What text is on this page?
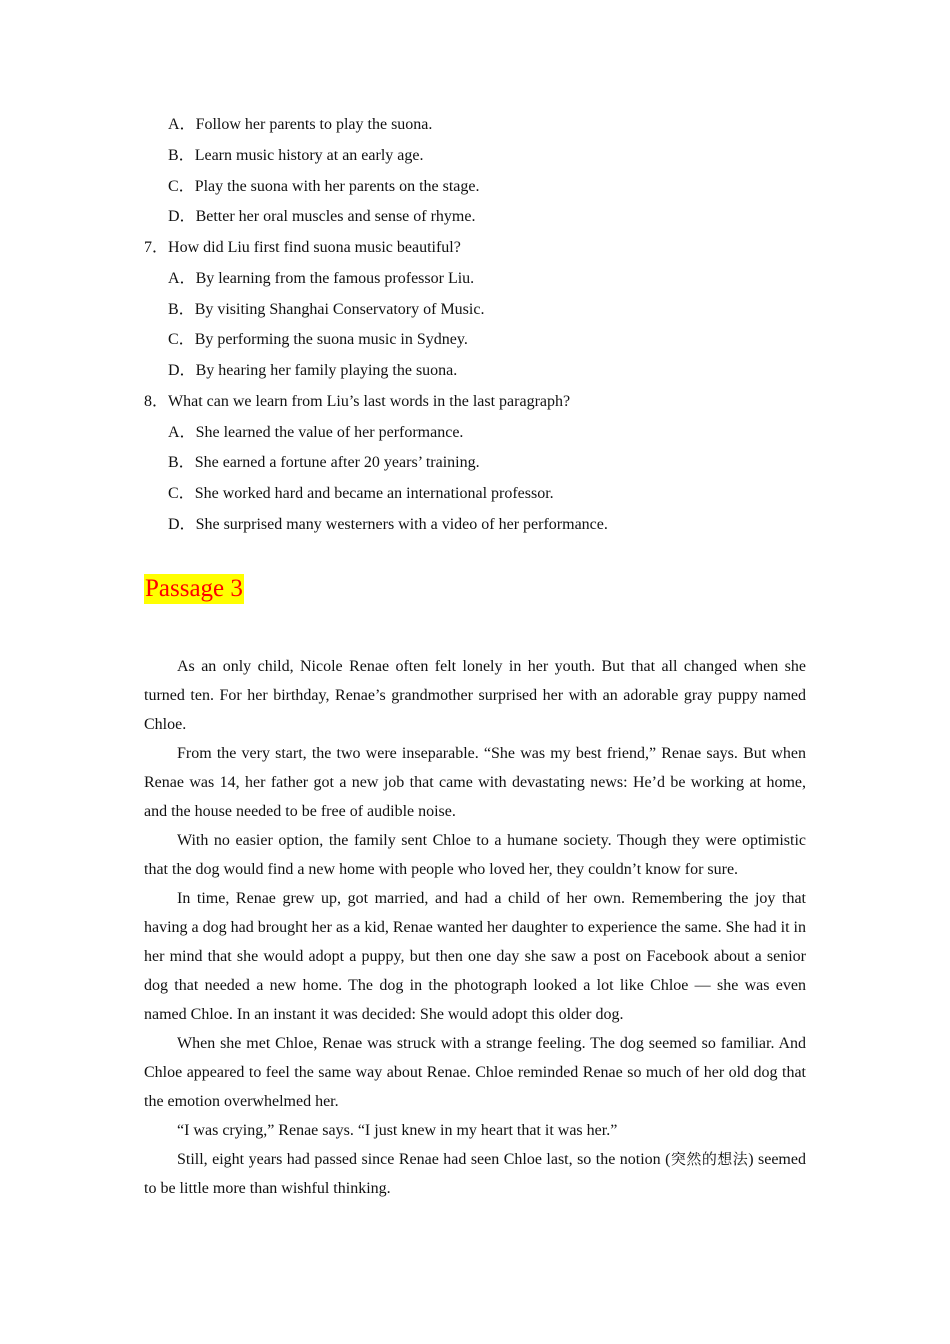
A．Follow her parents to play the suona.
B．Learn music history at an early age.
C．Play the suona with her parents on the stage.
D．Better her oral muscles and sense of rhyme.
7．How did Liu first find suona music beautiful?
A．By learning from the famous professor Liu.
B．By visiting Shanghai Conservatory of Music.
C．By performing the suona music in Sydney.
D．By hearing her family playing the suona.
8．What can we learn from Liu’s last words in the last paragraph?
A．She learned the value of her performance.
B．She earned a fortune after 20 years’ training.
C．She worked hard and became an international professor.
D．She surprised many westerners with a video of her performance.
Passage 3

As an only child, Nicole Renae often felt lonely in her youth. But that all changed when she turned ten. For her birthday, Renae’s grandmother surprised her with an adorable gray puppy named Chloe.

From the very start, the two were inseparable. “She was my best friend,” Renae says. But when Renae was 14, her father got a new job that came with devastating news: He’d be working at home, and the house needed to be free of audible noise.

With no easier option, the family sent Chloe to a humane society. Though they were optimistic that the dog would find a new home with people who loved her, they couldn’t know for sure.

In time, Renae grew up, got married, and had a child of her own. Remembering the joy that having a dog had brought her as a kid, Renae wanted her daughter to experience the same. She had it in her mind that she would adopt a puppy, but then one day she saw a post on Facebook about a senior dog that needed a new home. The dog in the photograph looked a lot like Chloe — she was even named Chloe. In an instant it was decided: She would adopt this older dog.

When she met Chloe, Renae was struck with a strange feeling. The dog seemed so familiar. And Chloe appeared to feel the same way about Renae. Chloe reminded Renae so much of her old dog that the emotion overwhelmed her.

“I was crying,” Renae says. “I just knew in my heart that it was her.”

Still, eight years had passed since Renae had seen Chloe last, so the notion (突然的想法) seemed to be little more than wishful thinking.
